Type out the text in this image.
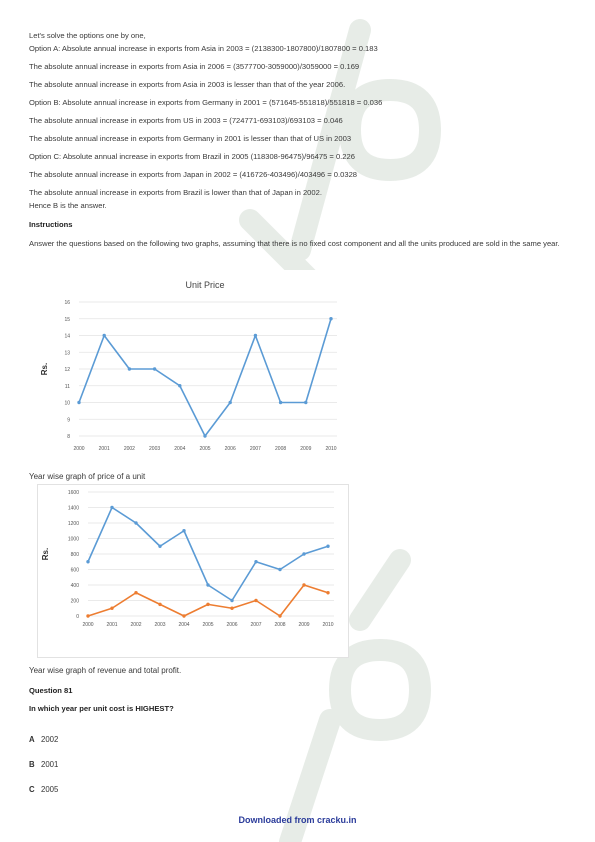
Let's solve the options one by one,
Option A: Absolute annual increase in exports from Asia in 2003 = (2138300-1807800)/1807800 = 0.183
The absolute annual increase in exports from Asia in 2006 = (3577700-3059000)/3059000 = 0.169
The absolute annual increase in exports from Asia in 2003 is lesser than that of the year 2006.
Option B: Absolute annual increase in exports from Germany in 2001 = (571645-551818)/551818 = 0.036
The absolute annual increase in exports from US in 2003 = (724771-693103)/693103 = 0.046
The absolute annual increase in exports from Germany in 2001 is lesser than that of US in 2003
Option C: Absolute annual increase in exports from Brazil in 2005 (118308-96475)/96475 = 0.226
The absolute annual increase in exports from Japan in 2002 = (416726-403496)/403496 = 0.0328
The absolute annual increase in exports from Brazil is lower than that of Japan in 2002.
Hence B is the answer.
Instructions
Answer the questions based on the following two graphs, assuming that there is no fixed cost component and all the units produced are sold in the same year.
Unit Price
Rs.
8
9
10
11
12
13
14
15
16
2000	2001	2002	2003	2004	2005	2006	2007	2008	2009	2010
Year wise graph of price of a unit
Rs.
0
200
400
600
800
1000
1200
1400
1600
2000	2001	2002	2003	2004	2005	2006	2007	2008	2009	2010
Year wise graph of revenue and total profit.
Question 81
In which year per unit cost is HIGHEST?
A 2002
B 2001
C 2005
Downloaded from cracku.in
